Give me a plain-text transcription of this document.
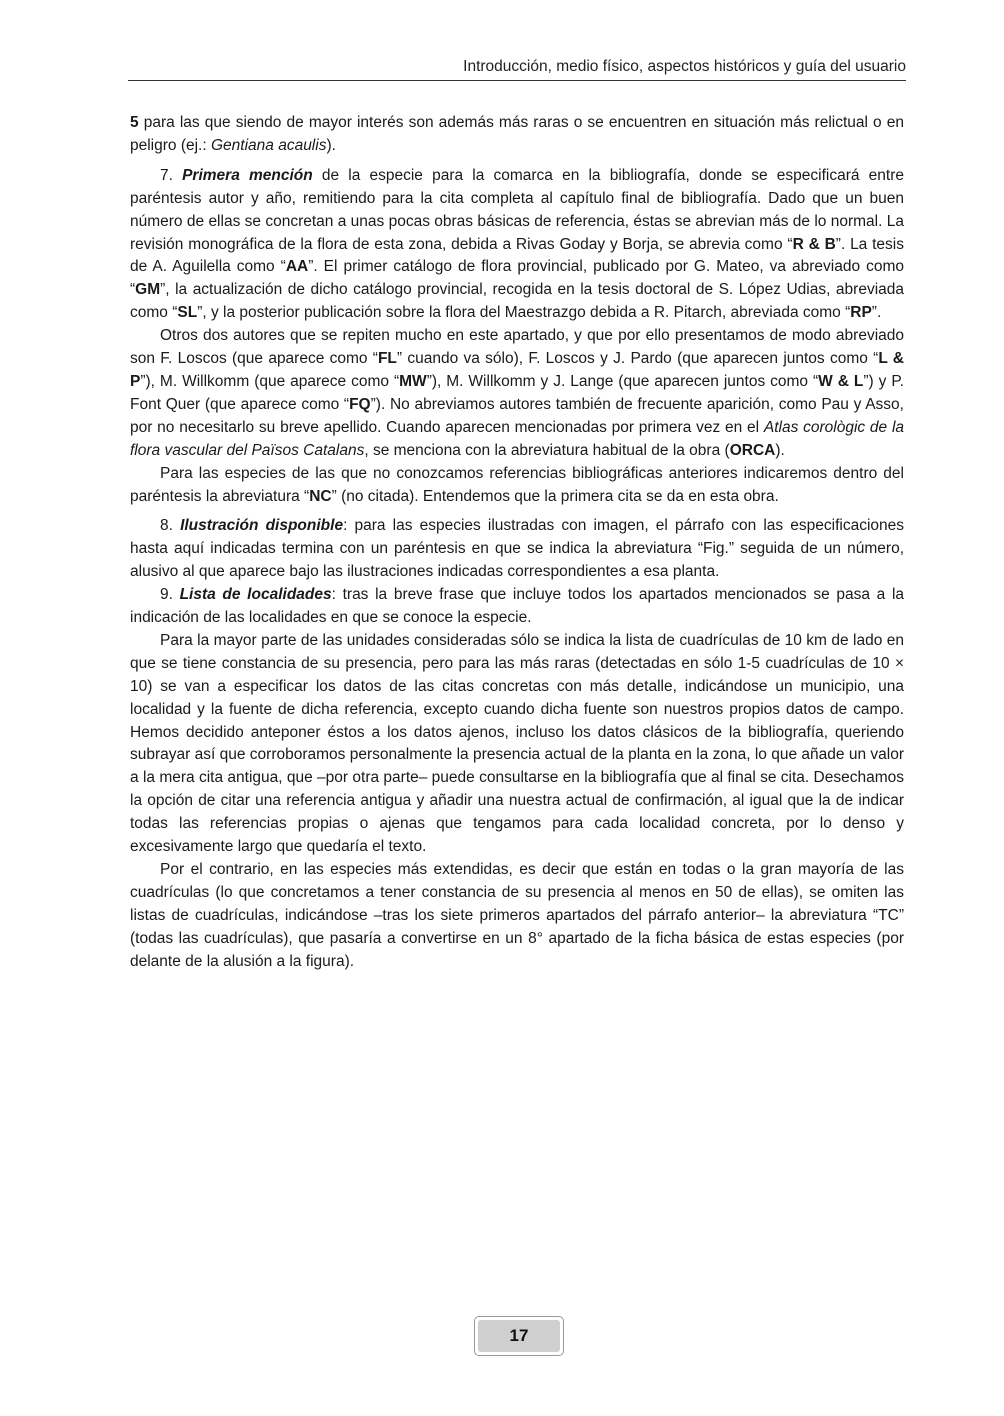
Introducción, medio físico, aspectos históricos y guía del usuario

5 para las que siendo de mayor interés son además más raras o se encuentren en situación más relictual o en peligro (ej.: Gentiana acaulis).

7. Primera mención de la especie para la comarca en la bibliografía, donde se especificará entre paréntesis autor y año, remitiendo para la cita completa al capítulo final de bibliografía. Dado que un buen número de ellas se concretan a unas pocas obras básicas de referencia, éstas se abrevian más de lo normal. La revisión monográfica de la flora de esta zona, debida a Rivas Goday y Borja, se abrevia como “R & B”. La tesis de A. Aguilella como “AA”. El primer catálogo de flora provincial, publicado por G. Mateo, va abreviado como “GM”, la actualización de dicho catálogo provincial, recogida en la tesis doctoral de S. López Udias, abreviada como “SL”, y la posterior publicación sobre la flora del Maestrazgo debida a R. Pitarch, abreviada como “RP”.

Otros dos autores que se repiten mucho en este apartado, y que por ello presentamos de modo abreviado son F. Loscos (que aparece como “FL” cuando va sólo), F. Loscos y J. Pardo (que aparecen juntos como “L & P”), M. Willkomm (que aparece como “MW”), M. Willkomm y J. Lange (que aparecen juntos como “W & L”) y P. Font Quer (que aparece como “FQ”). No abreviamos autores también de frecuente aparición, como Pau y Asso, por no necesitarlo su breve apellido. Cuando aparecen mencionadas por primera vez en el Atlas corològic de la flora vascular del Països Catalans, se menciona con la abreviatura habitual de la obra (ORCA).

Para las especies de las que no conozcamos referencias bibliográficas anteriores indicaremos dentro del paréntesis la abreviatura “NC” (no citada). Entendemos que la primera cita se da en esta obra.

8. Ilustración disponible: para las especies ilustradas con imagen, el párrafo con las especificaciones hasta aquí indicadas termina con un paréntesis en que se indica la abreviatura “Fig.” seguida de un número, alusivo al que aparece bajo las ilustraciones indicadas correspondientes a esa planta.

9. Lista de localidades: tras la breve frase que incluye todos los apartados mencionados se pasa a la indicación de las localidades en que se conoce la especie.

Para la mayor parte de las unidades consideradas sólo se indica la lista de cuadrículas de 10 km de lado en que se tiene constancia de su presencia, pero para las más raras (detectadas en sólo 1-5 cuadrículas de 10 × 10) se van a especificar los datos de las citas concretas con más detalle, indicándose un municipio, una localidad y la fuente de dicha referencia, excepto cuando dicha fuente son nuestros propios datos de campo. Hemos decidido anteponer éstos a los datos ajenos, incluso los datos clásicos de la bibliografía, queriendo subrayar así que corroboramos personalmente la presencia actual de la planta en la zona, lo que añade un valor a la mera cita antigua, que –por otra parte– puede consultarse en la bibliografía que al final se cita. Desechamos la opción de citar una referencia antigua y añadir una nuestra actual de confirmación, al igual que la de indicar todas las referencias propias o ajenas que tengamos para cada localidad concreta, por lo denso y excesivamente largo que quedaría el texto.

Por el contrario, en las especies más extendidas, es decir que están en todas o la gran mayoría de las cuadrículas (lo que concretamos a tener constancia de su presencia al menos en 50 de ellas), se omiten las listas de cuadrículas, indicándose –tras los siete primeros apartados del párrafo anterior– la abreviatura “TC” (todas las cuadrículas), que pasaría a convertirse en un 8° apartado de la ficha básica de estas especies (por delante de la alusión a la figura).

17
